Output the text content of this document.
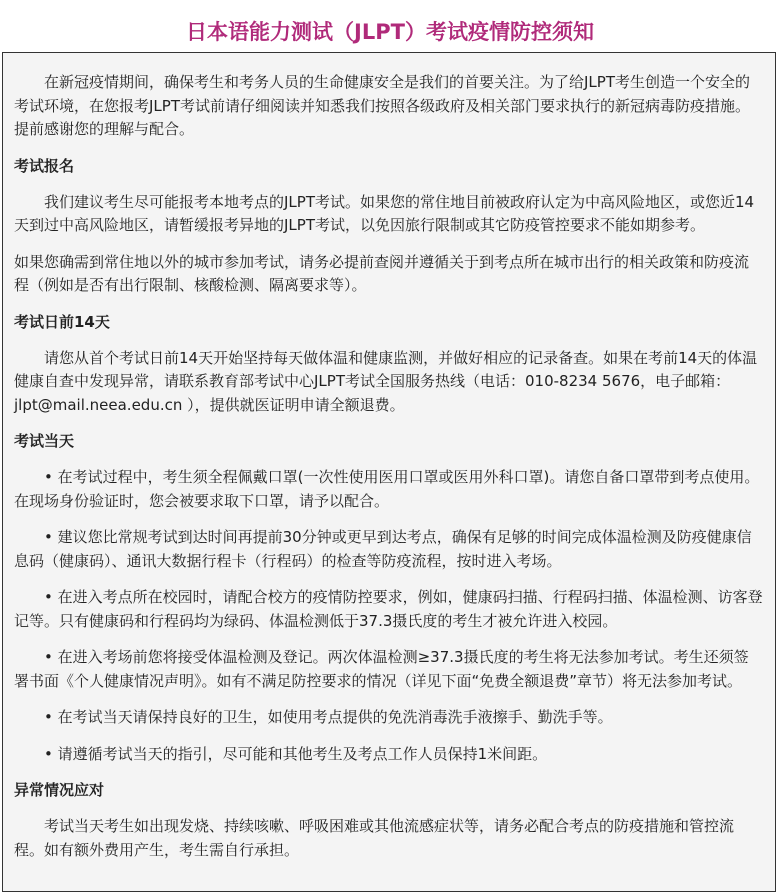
日本语能力测试（JLPT）考试疫情防控须知

在新冠疫情期间，确保考生和考务人员的生命健康安全是我们的首要关注。为了给JLPT考生创造一个安全的考试环境，在您报考JLPT考试前请仔细阅读并知悉我们按照各级政府及相关部门要求执行的新冠病毒防疫措施。提前感谢您的理解与配合。

考试报名

我们建议考生尽可能报考本地考点的JLPT考试。如果您的常住地目前被政府认定为中高风险地区，或您近14天到过中高风险地区，请暂缓报考异地的JLPT考试，以免因旅行限制或其它防疫管控要求不能如期参考。

如果您确需到常住地以外的城市参加考试，请务必提前查阅并遵循关于到考点所在城市出行的相关政策和防疫流程（例如是否有出行限制、核酸检测、隔离要求等）。

考试日前14天

请您从首个考试日前14天开始坚持每天做体温和健康监测，并做好相应的记录备查。如果在考前14天的体温健康自查中发现异常，请联系教育部考试中心JLPT考试全国服务热线（电话：010-8234 5676，电子邮箱：jlpt@mail.neea.edu.cn ），提供就医证明申请全额退费。

考试当天

• 在考试过程中，考生须全程佩戴口罩(一次性使用医用口罩或医用外科口罩)。请您自备口罩带到考点使用。在现场身份验证时，您会被要求取下口罩，请予以配合。

• 建议您比常规考试到达时间再提前30分钟或更早到达考点，确保有足够的时间完成体温检测及防疫健康信息码（健康码）、通讯大数据行程卡（行程码）的检查等防疫流程，按时进入考场。

• 在进入考点所在校园时，请配合校方的疫情防控要求，例如，健康码扫描、行程码扫描、体温检测、访客登记等。只有健康码和行程码均为绿码、体温检测低于37.3摄氏度的考生才被允许进入校园。

• 在进入考场前您将接受体温检测及登记。两次体温检测≥37.3摄氏度的考生将无法参加考试。考生还须签署书面《个人健康情况声明》。如有不满足防控要求的情况（详见下面“免费全额退费”章节）将无法参加考试。

• 在考试当天请保持良好的卫生，如使用考点提供的免洗消毒洗手液擦手、勤洗手等。

• 请遵循考试当天的指引，尽可能和其他考生及考点工作人员保持1米间距。

异常情况应对

考试当天考生如出现发烧、持续咳嗽、呼吸困难或其他流感症状等，请务必配合考点的防疫措施和管控流程。如有额外费用产生，考生需自行承担。
